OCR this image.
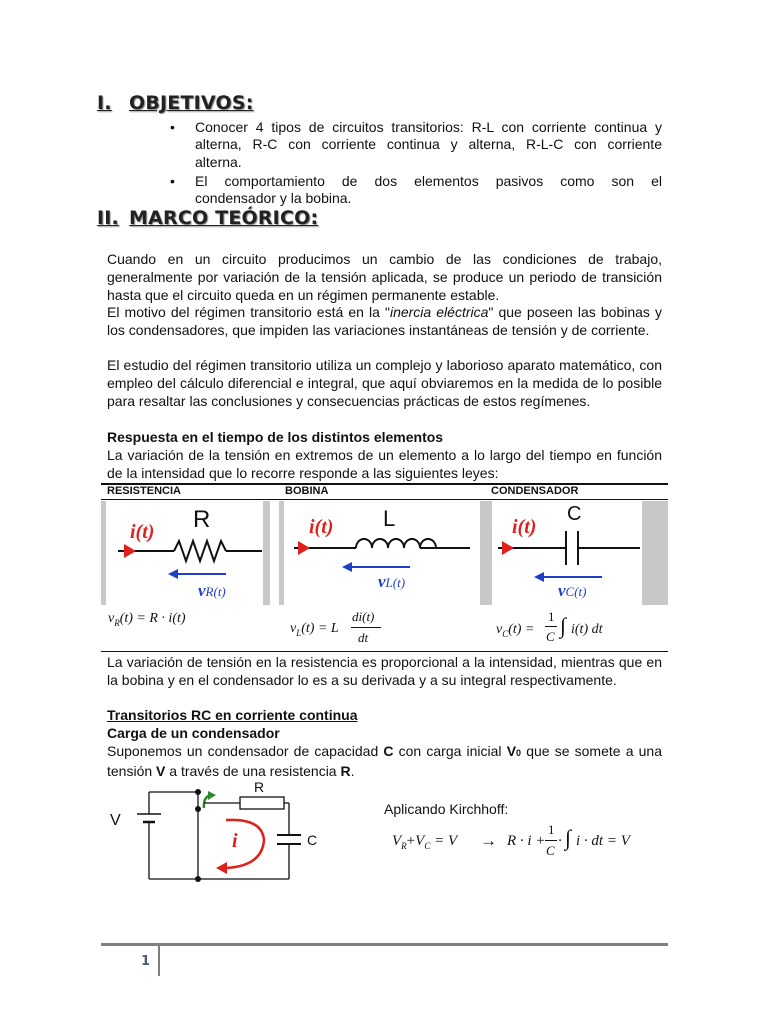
I. OBJETIVOS:
• Conocer 4 tipos de circuitos transitorios: R-L con corriente continua y
alterna, R-C con corriente continua y alterna, R-L-C con corriente
alterna.
• El comportamiento de dos elementos pasivos como son el
condensador y la bobina.
II. MARCO TEÓRICO:
Cuando en un circuito producimos un cambio de las condiciones de trabajo, generalmente por variación de la tensión aplicada, se produce un periodo de transición hasta que el circuito queda en un régimen permanente estable.
El motivo del régimen transitorio está en la "inercia eléctrica" que poseen las bobinas y los condensadores, que impiden las variaciones instantáneas de tensión y de corriente.
El estudio del régimen transitorio utiliza un complejo y laborioso aparato matemático, con empleo del cálculo diferencial e integral, que aquí obviaremos en la medida de lo posible para resaltar las conclusiones y consecuencias prácticas de estos regímenes.
Respuesta en el tiempo de los distintos elementos
La variación de la tensión en extremos de un elemento a lo largo del tiempo en función de la intensidad que lo recorre responde a las siguientes leyes:
RESISTENCIA	BOBINA	CONDENSADOR
i(t) R
vR(t)
i(t) L
vL(t)
i(t)
C
vC(t)
$v_R(t) = R \cdot i(t)$
$v_L(t) = L$
di(t)
dt
$v_C(t)$ =
1
C ∫ i(t) dt
La variación de tensión en la resistencia es proporcional a la intensidad, mientras que en la bobina y en el condensador lo es a su derivada y a su integral respectivamente.
Transitorios RC en corriente continua
Carga de un condensador
Suponemos un condensador de capacidad C con carga inicial V0 que se somete a una tensión V a través de una resistencia R.
V
R
C
i
Aplicando Kirchhoff:
$V_R+V_C = V \to R \cdot i$ +
1
C
· ∫ i · dt = V
1
